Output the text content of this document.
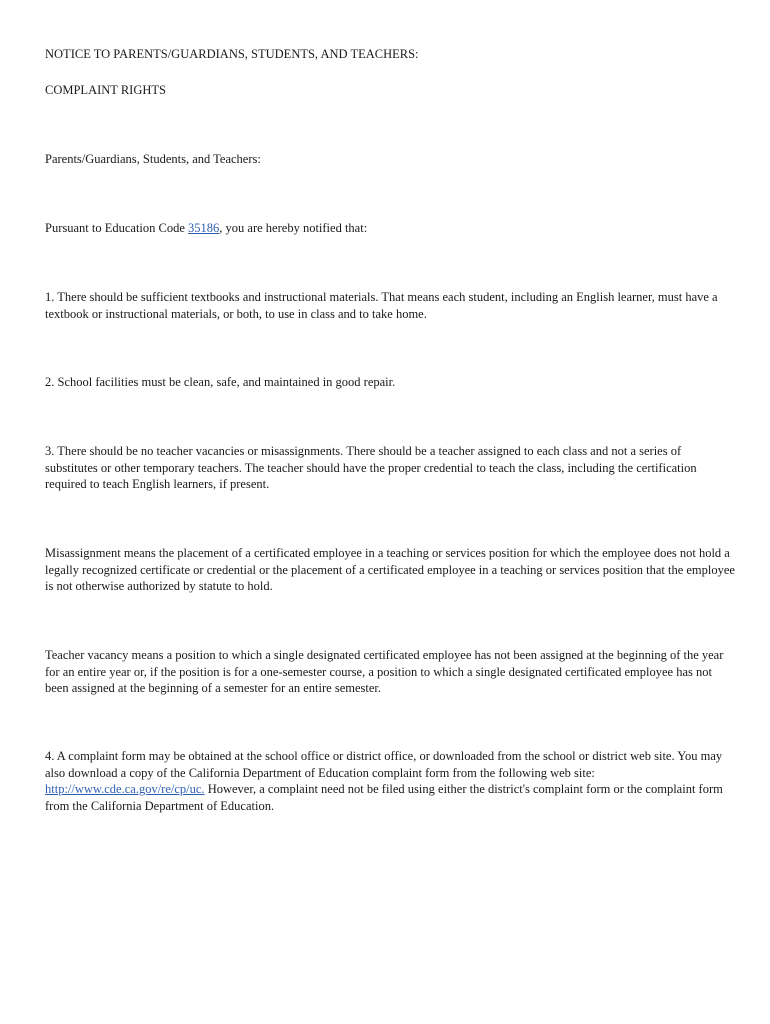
NOTICE TO PARENTS/GUARDIANS, STUDENTS, AND TEACHERS:

COMPLAINT RIGHTS

Parents/Guardians, Students, and Teachers:

Pursuant to Education Code 35186, you are hereby notified that:

1. There should be sufficient textbooks and instructional materials. That means each student, including an English learner, must have a textbook or instructional materials, or both, to use in class and to take home.

2. School facilities must be clean, safe, and maintained in good repair.

3. There should be no teacher vacancies or misassignments. There should be a teacher assigned to each class and not a series of substitutes or other temporary teachers. The teacher should have the proper credential to teach the class, including the certification required to teach English learners, if present.

Misassignment means the placement of a certificated employee in a teaching or services position for which the employee does not hold a legally recognized certificate or credential or the placement of a certificated employee in a teaching or services position that the employee is not otherwise authorized by statute to hold.

Teacher vacancy means a position to which a single designated certificated employee has not been assigned at the beginning of the year for an entire year or, if the position is for a one-semester course, a position to which a single designated certificated employee has not been assigned at the beginning of a semester for an entire semester.

4. A complaint form may be obtained at the school office or district office, or downloaded from the school or district web site. You may also download a copy of the California Department of Education complaint form from the following web site: http://www.cde.ca.gov/re/cp/uc. However, a complaint need not be filed using either the district's complaint form or the complaint form from the California Department of Education.
